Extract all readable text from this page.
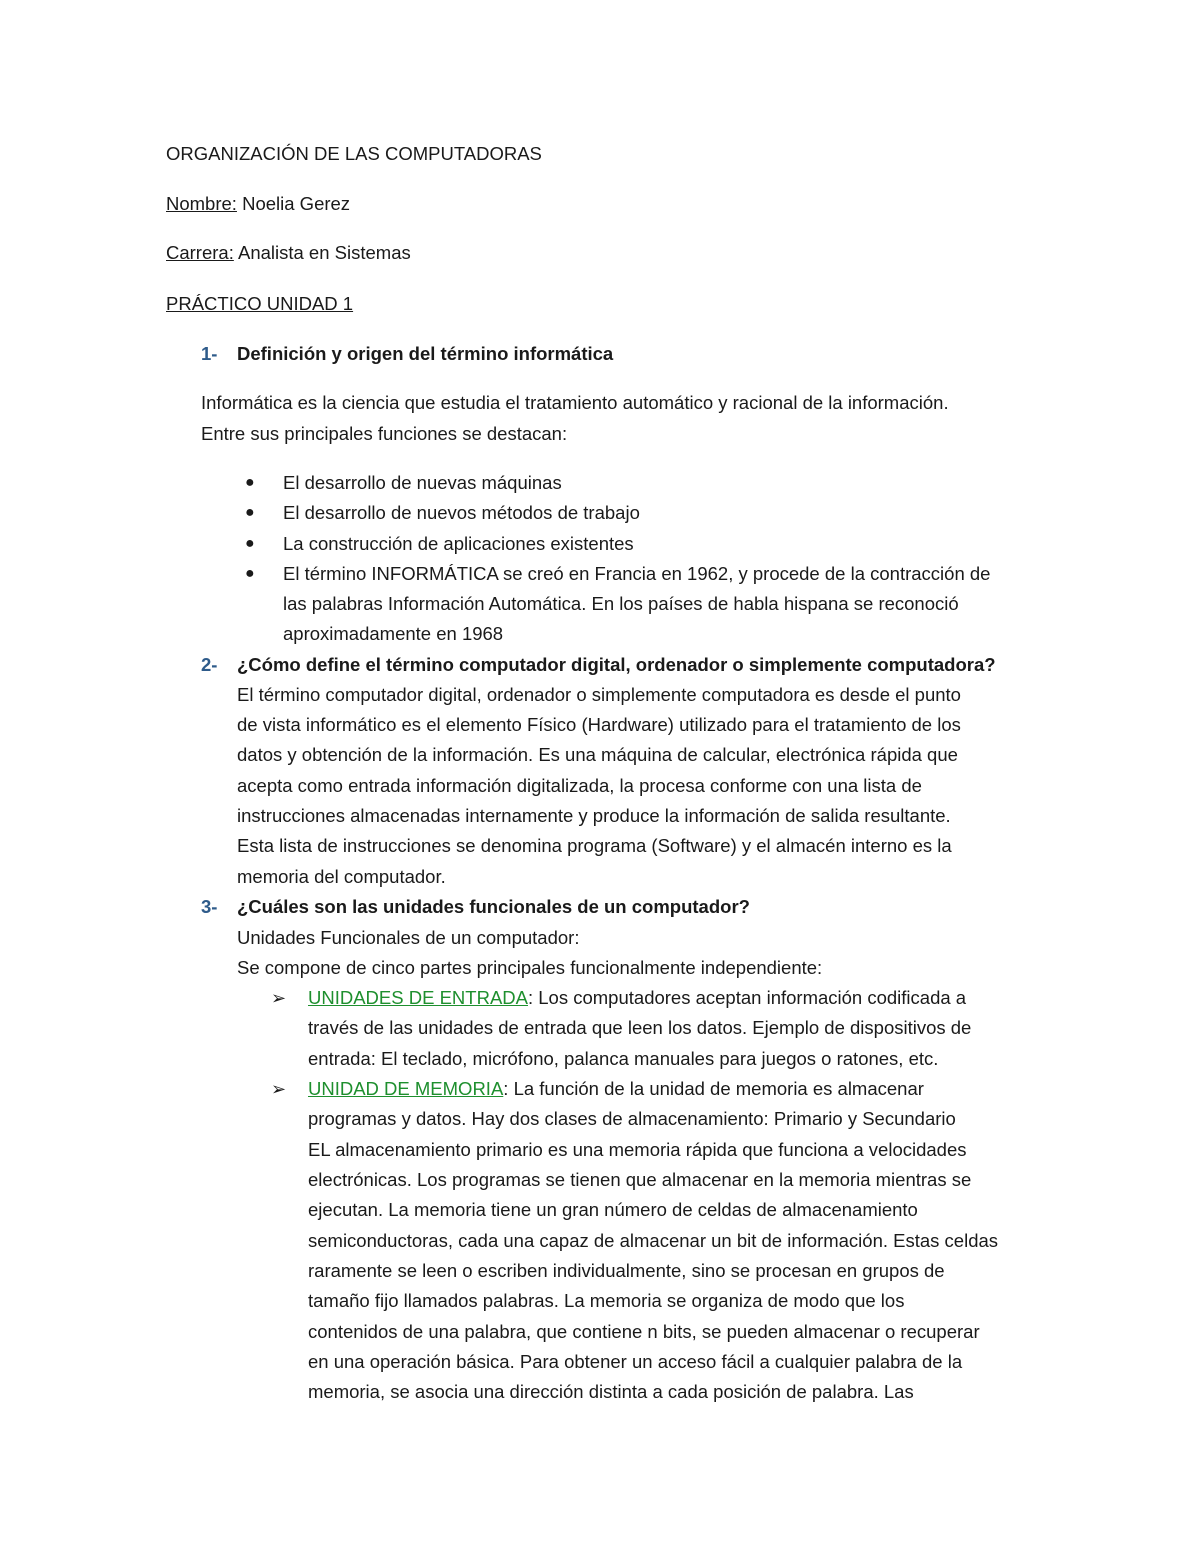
ORGANIZACIÓN DE LAS COMPUTADORAS
Nombre: Noelia Gerez
Carrera: Analista en Sistemas
PRÁCTICO UNIDAD 1
1- Definición y origen del término informática
Informática es la ciencia que estudia el tratamiento automático y racional de la información.
Entre sus principales funciones se destacan:
● El desarrollo de nuevas máquinas
● El desarrollo de nuevos métodos de trabajo
● La construcción de aplicaciones existentes
● El término INFORMÁTICA se creó en Francia en 1962, y procede de la contracción de
las palabras Información Automática. En los países de habla hispana se reconoció
aproximadamente en 1968
2- ¿Cómo define el término computador digital, ordenador o simplemente computadora?
El término computador digital, ordenador o simplemente computadora es desde el punto
de vista informático es el elemento Físico (Hardware) utilizado para el tratamiento de los
datos y obtención de la información. Es una máquina de calcular, electrónica rápida que
acepta como entrada información digitalizada, la procesa conforme con una lista de
instrucciones almacenadas internamente y produce la información de salida resultante.
Esta lista de instrucciones se denomina programa (Software) y el almacén interno es la
memoria del computador.
3- ¿Cuáles son las unidades funcionales de un computador?
Unidades Funcionales de un computador:
Se compone de cinco partes principales funcionalmente independiente:
➢ UNIDADES DE ENTRADA: Los computadores aceptan información codificada a
través de las unidades de entrada que leen los datos. Ejemplo de dispositivos de
entrada: El teclado, micrófono, palanca manuales para juegos o ratones, etc.
➢ UNIDAD DE MEMORIA: La función de la unidad de memoria es almacenar
programas y datos. Hay dos clases de almacenamiento: Primario y Secundario
EL almacenamiento primario es una memoria rápida que funciona a velocidades
electrónicas. Los programas se tienen que almacenar en la memoria mientras se
ejecutan. La memoria tiene un gran número de celdas de almacenamiento
semiconductoras, cada una capaz de almacenar un bit de información. Estas celdas
raramente se leen o escriben individualmente, sino se procesan en grupos de
tamaño fijo llamados palabras. La memoria se organiza de modo que los
contenidos de una palabra, que contiene n bits, se pueden almacenar o recuperar
en una operación básica. Para obtener un acceso fácil a cualquier palabra de la
memoria, se asocia una dirección distinta a cada posición de palabra. Las
